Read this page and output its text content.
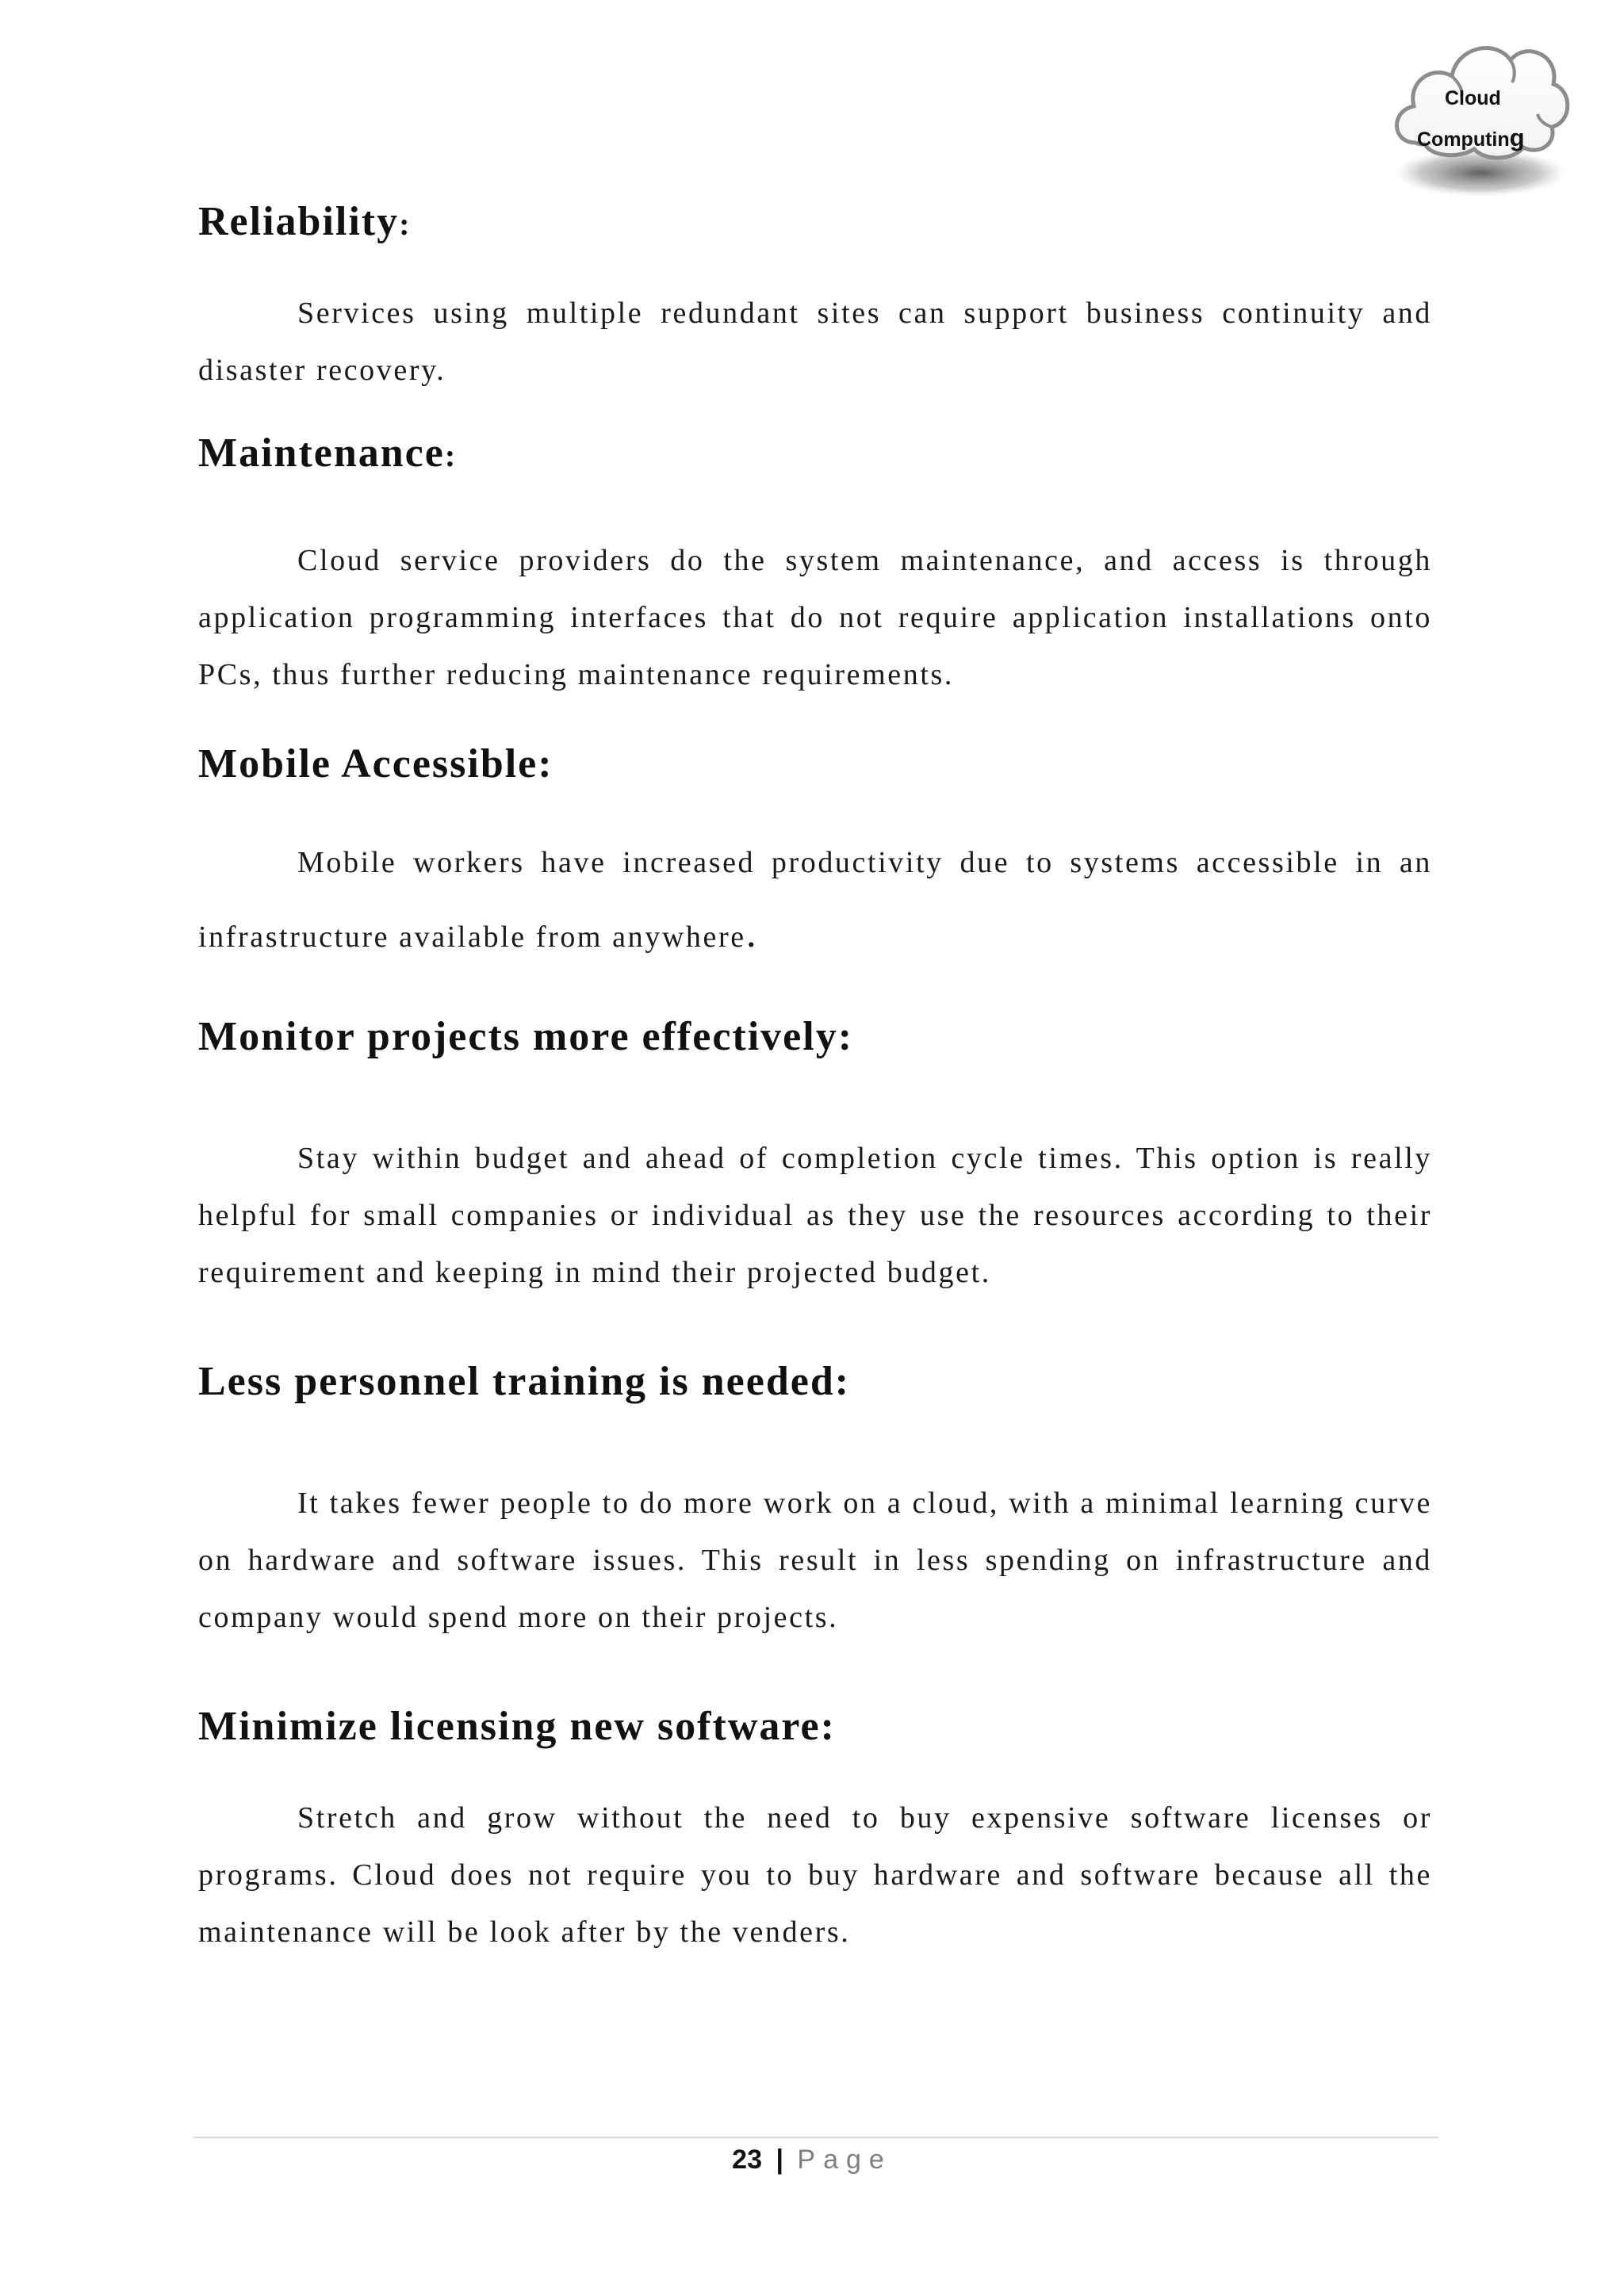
Cloud
Computing
Reliability:

Services using multiple redundant sites can support business continuity and disaster recovery.

Maintenance:

Cloud service providers do the system maintenance, and access is through application programming interfaces that do not require application installations onto PCs, thus further reducing maintenance requirements.

Mobile Accessible:

Mobile workers have increased productivity due to systems accessible in an infrastructure available from anywhere.

Monitor projects more effectively:

Stay within budget and ahead of completion cycle times. This option is really helpful for small companies or individual as they use the resources according to their requirement and keeping in mind their projected budget.

Less personnel training is needed:

It takes fewer people to do more work on a cloud, with a minimal learning curve on hardware and software issues. This result in less spending on infrastructure and company would spend more on their projects.

Minimize licensing new software:

Stretch and grow without the need to buy expensive software licenses or programs. Cloud does not require you to buy hardware and software because all the maintenance will be look after by the venders.

23 | Page
